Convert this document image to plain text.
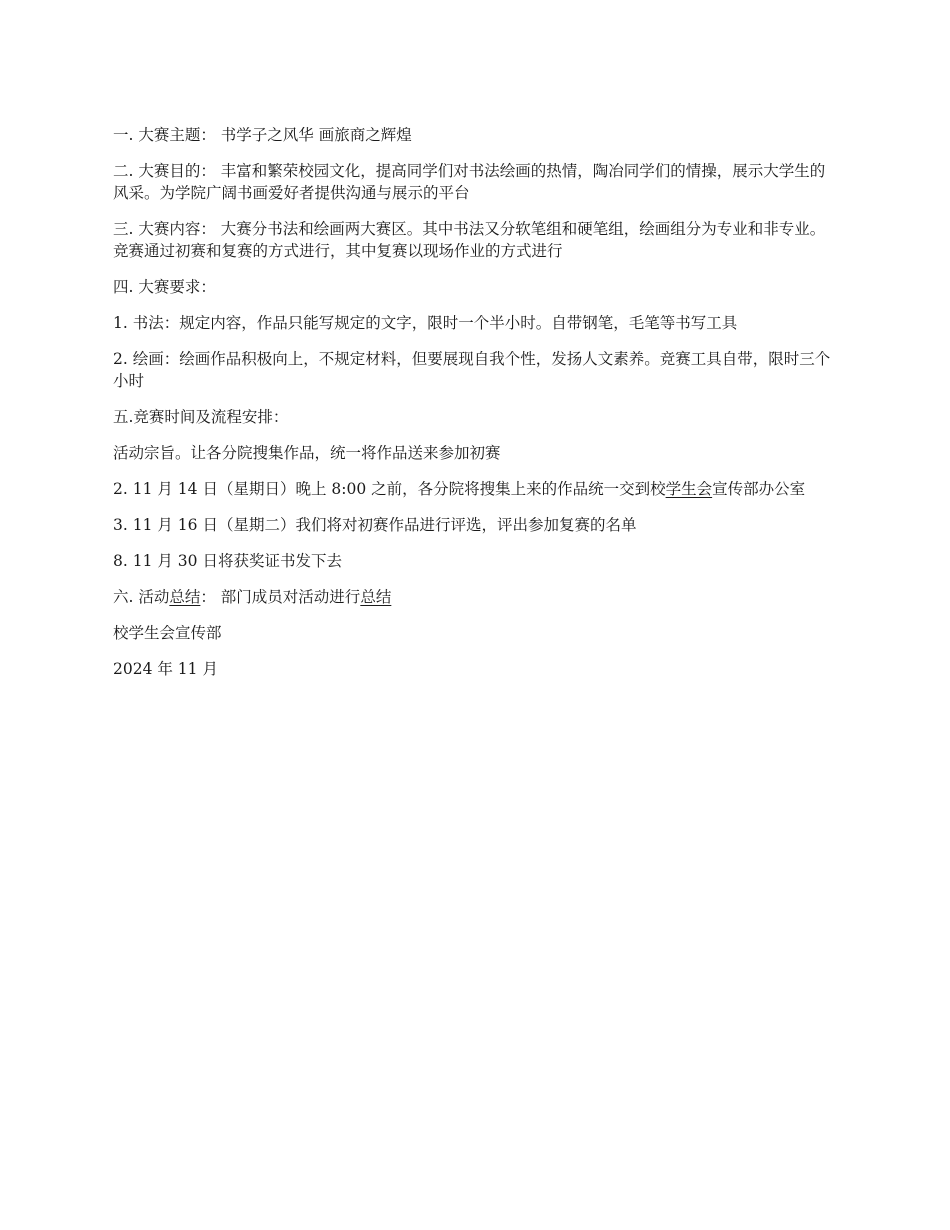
一. 大赛主题： 书学子之风华 画旅商之辉煌

二. 大赛目的： 丰富和繁荣校园文化，提高同学们对书法绘画的热情，陶冶同学们的情操，展示大学生的风采。为学院广阔书画爱好者提供沟通与展示的平台

三. 大赛内容： 大赛分书法和绘画两大赛区。其中书法又分软笔组和硬笔组，绘画组分为专业和非专业。竞赛通过初赛和复赛的方式进行，其中复赛以现场作业的方式进行

四. 大赛要求：

1. 书法：规定内容，作品只能写规定的文字，限时一个半小时。自带钢笔，毛笔等书写工具

2. 绘画：绘画作品积极向上，不规定材料，但要展现自我个性，发扬人文素养。竞赛工具自带，限时三个小时

五.竞赛时间及流程安排：

活动宗旨。让各分院搜集作品，统一将作品送来参加初赛

2. 11 月 14 日（星期日）晚上 8:00 之前，各分院将搜集上来的作品统一交到校学生会宣传部办公室

3. 11 月 16 日（星期二）我们将对初赛作品进行评选，评出参加复赛的名单

8. 11 月 30 日将获奖证书发下去

六. 活动总结： 部门成员对活动进行总结

校学生会宣传部

2024 年 11 月
